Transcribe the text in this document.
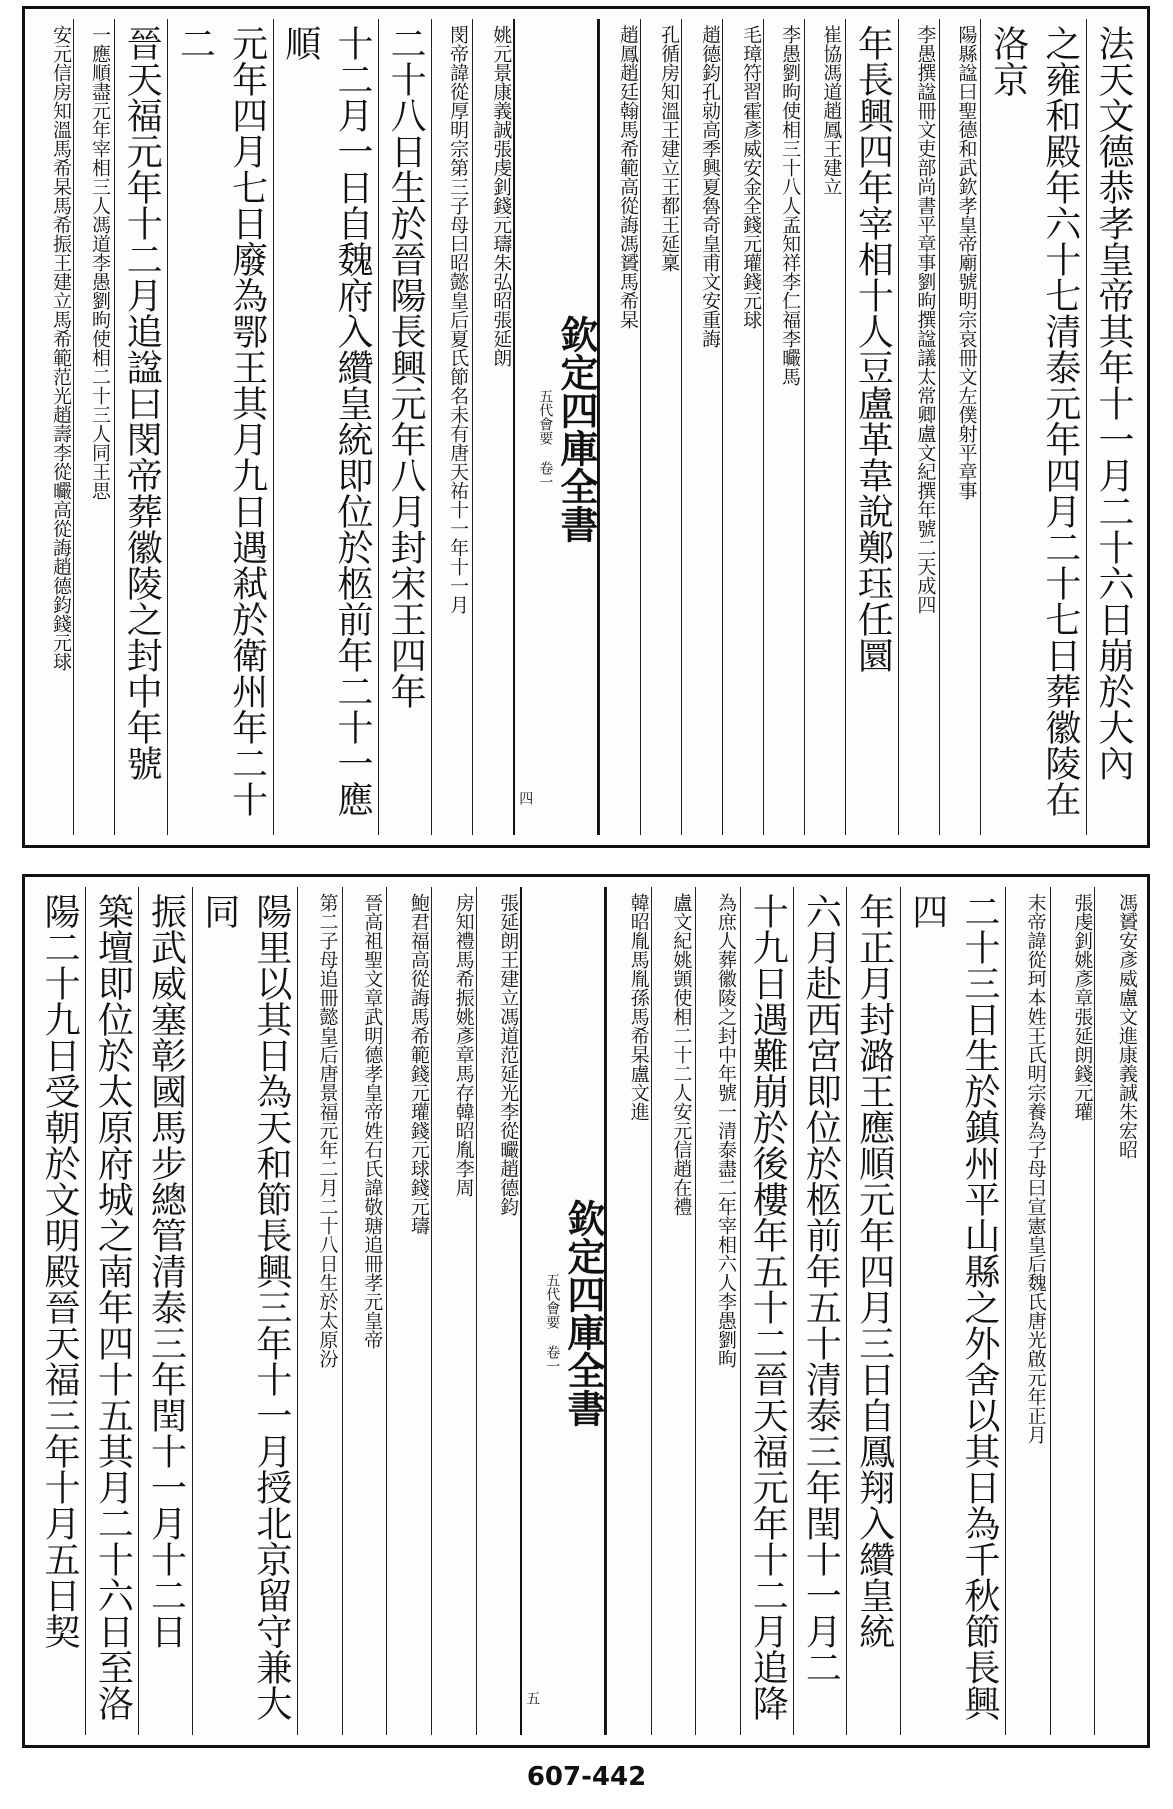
法天文德恭孝皇帝其年十一月二十六日崩於大內
之雍和殿年六十七清泰元年四月二十七日葬徽陵在洛京
陽縣諡曰聖德和武欽孝皇帝廟號明宗哀冊文左僕射平章事
李愚撰諡冊文吏部尚書平章事劉昫撰諡議太常卿盧文紀撰年號二天成四
年長興四年宰相十人豆盧革韋說鄭珏任圜
崔協馮道趙鳳王建立
李愚劉昫使相三十八人孟知祥李仁福李曮馬
毛璋符習霍彥威安金全錢元瓘錢元球
趙德鈞孔勍高季興夏魯奇皇甫文安重誨
孔循房知溫王建立王都王延稟
趙鳳趙廷翰馬希範高從誨馮贇馬希杲
欽定四庫全書
五代會要 卷一
四
姚元景康義誠張虔釗錢元璹朱弘昭張延朗
閔帝諱從厚明宗第三子母曰昭懿皇后夏氏節名未有唐天祐十一年十一月
二十八日生於晉陽長興元年八月封宋王四年
十二月一日自魏府入纘皇統即位於柩前年二十一應順
元年四月七日廢為鄂王其月九日遇弒於衛州年二十二
晉天福元年十二月追諡曰閔帝葬徽陵之封中年號
一應順盡元年宰相三人馮道李愚劉昫使相二十三人同王思
安元信房知溫馬希杲馬希振王建立馬希範范光趙壽李從曮高從誨趙德鈞錢元球
馮贇安彥威盧文進康義誠朱宏昭
張虔釗姚彥章張延朗錢元瓘
末帝諱從珂本姓王氏明宗養為子母曰宣憲皇后魏氏唐光啟元年正月
二十三日生於鎮州平山縣之外舍以其日為千秋節長興四
年正月封潞王應順元年四月三日自鳳翔入纘皇統
六月赴西宮即位於柩前年五十清泰三年閏十一月二
十九日遇難崩於後樓年五十二晉天福元年十二月追降
為庶人葬徽陵之封中年號一清泰盡二年宰相六人李愚劉昫
盧文紀姚顗使相二十二人安元信趙在禮
韓昭胤馬胤孫馬希杲盧文進
欽定四庫全書
五代會要 卷一
五
張延朗王建立馮道范延光李從曮趙德鈞
房知禮馬希振姚彥章馬存韓昭胤李周
鮑君福高從誨馬希範錢元瓘錢元球錢元璹
晉高祖聖文章武明德孝皇帝姓石氏諱敬瑭追冊孝元皇帝
第二子母追冊懿皇后唐景福元年二月二十八日生於太原汾
陽里以其日為天和節長興三年十一月授北京留守兼大同
振武威塞彰國馬步總管清泰三年閏十一月十二日
築壇即位於太原府城之南年四十五其月二十六日至洛
陽二十九日受朝於文明殿晉天福三年十月五日契
607-442
